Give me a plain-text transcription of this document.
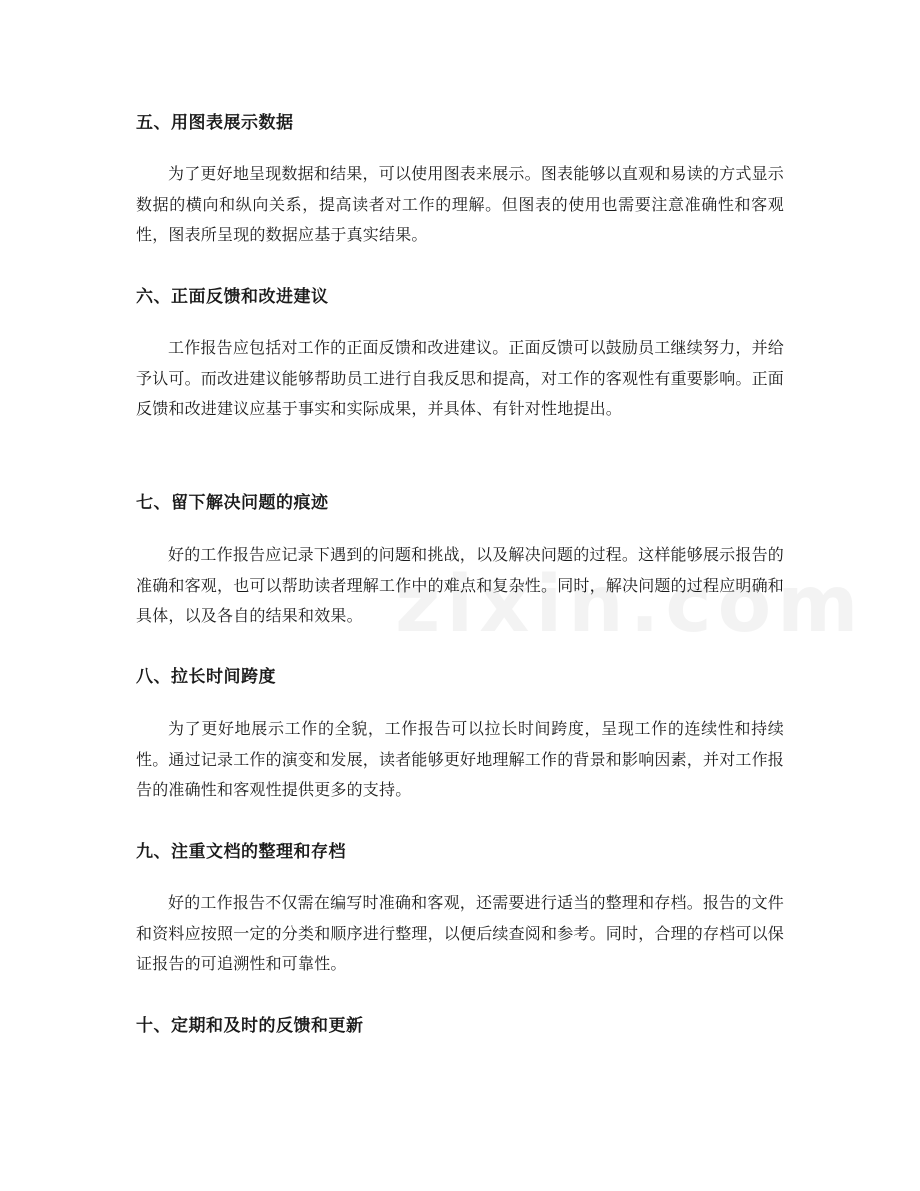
五、用图表展示数据
为了更好地呈现数据和结果，可以使用图表来展示。图表能够以直观和易读的方式显示数据的横向和纵向关系，提高读者对工作的理解。但图表的使用也需要注意准确性和客观性，图表所呈现的数据应基于真实结果。
六、正面反馈和改进建议
工作报告应包括对工作的正面反馈和改进建议。正面反馈可以鼓励员工继续努力，并给予认可。而改进建议能够帮助员工进行自我反思和提高，对工作的客观性有重要影响。正面反馈和改进建议应基于事实和实际成果，并具体、有针对性地提出。
七、留下解决问题的痕迹
好的工作报告应记录下遇到的问题和挑战，以及解决问题的过程。这样能够展示报告的准确和客观，也可以帮助读者理解工作中的难点和复杂性。同时，解决问题的过程应明确和具体，以及各自的结果和效果。
八、拉长时间跨度
为了更好地展示工作的全貌，工作报告可以拉长时间跨度，呈现工作的连续性和持续性。通过记录工作的演变和发展，读者能够更好地理解工作的背景和影响因素，并对工作报告的准确性和客观性提供更多的支持。
九、注重文档的整理和存档
好的工作报告不仅需在编写时准确和客观，还需要进行适当的整理和存档。报告的文件和资料应按照一定的分类和顺序进行整理，以便后续查阅和参考。同时，合理的存档可以保证报告的可追溯性和可靠性。
十、定期和及时的反馈和更新
